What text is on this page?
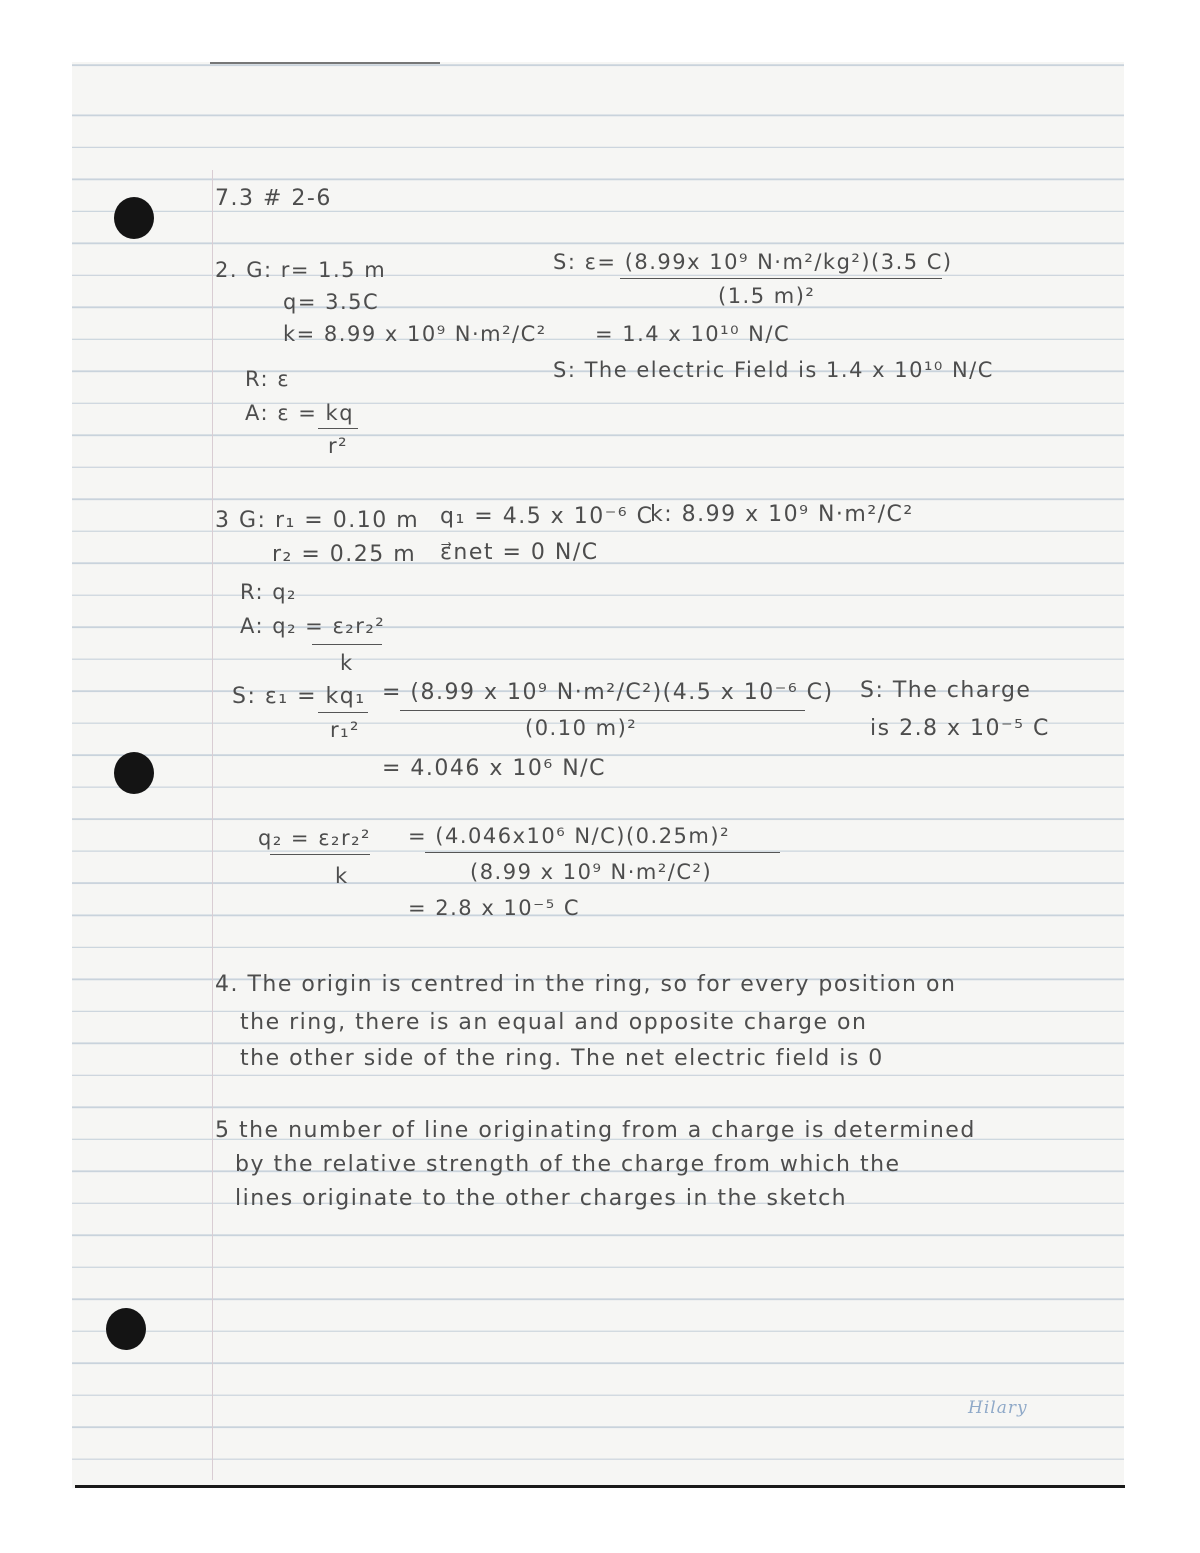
7.3 # 2-6
2. G: r= 1.5 m
q= 3.5C
k= 8.99 x 10⁹ N·m²/C²
R: ε
A: ε = kq
r²
S: ε= (8.99x 10⁹ N·m²/kg²)(3.5 C)
(1.5 m)²
= 1.4 x 10¹⁰ N/C
S: The electric Field is 1.4 x 10¹⁰ N/C
3 G: r₁ = 0.10 m q₁ = 4.5 x 10⁻⁶ C
k: 8.99 x 10⁹ N·m²/C²
r₂ = 0.25 m ε⃗net = 0 N/C
R: q₂
A: q₂ = ε₂r₂²
k
S: ε₁ = kq₁
r₁²
= (8.99 x 10⁹ N·m²/C²)(4.5 x 10⁻⁶ C)
(0.10 m)²
= 4.046 x 10⁶ N/C
S: The charge
is 2.8 x 10⁻⁵ C
q₂ = ε₂r₂²
k
= (4.046x10⁶ N/C)(0.25m)²
(8.99 x 10⁹ N·m²/C²)
= 2.8 x 10⁻⁵ C
4. The origin is centred in the ring, so for every position on
the ring, there is an equal and opposite charge on
the other side of the ring. The net electric field is 0
5 the number of line originating from a charge is determined
by the relative strength of the charge from which the
lines originate to the other charges in the sketch
Hilary
